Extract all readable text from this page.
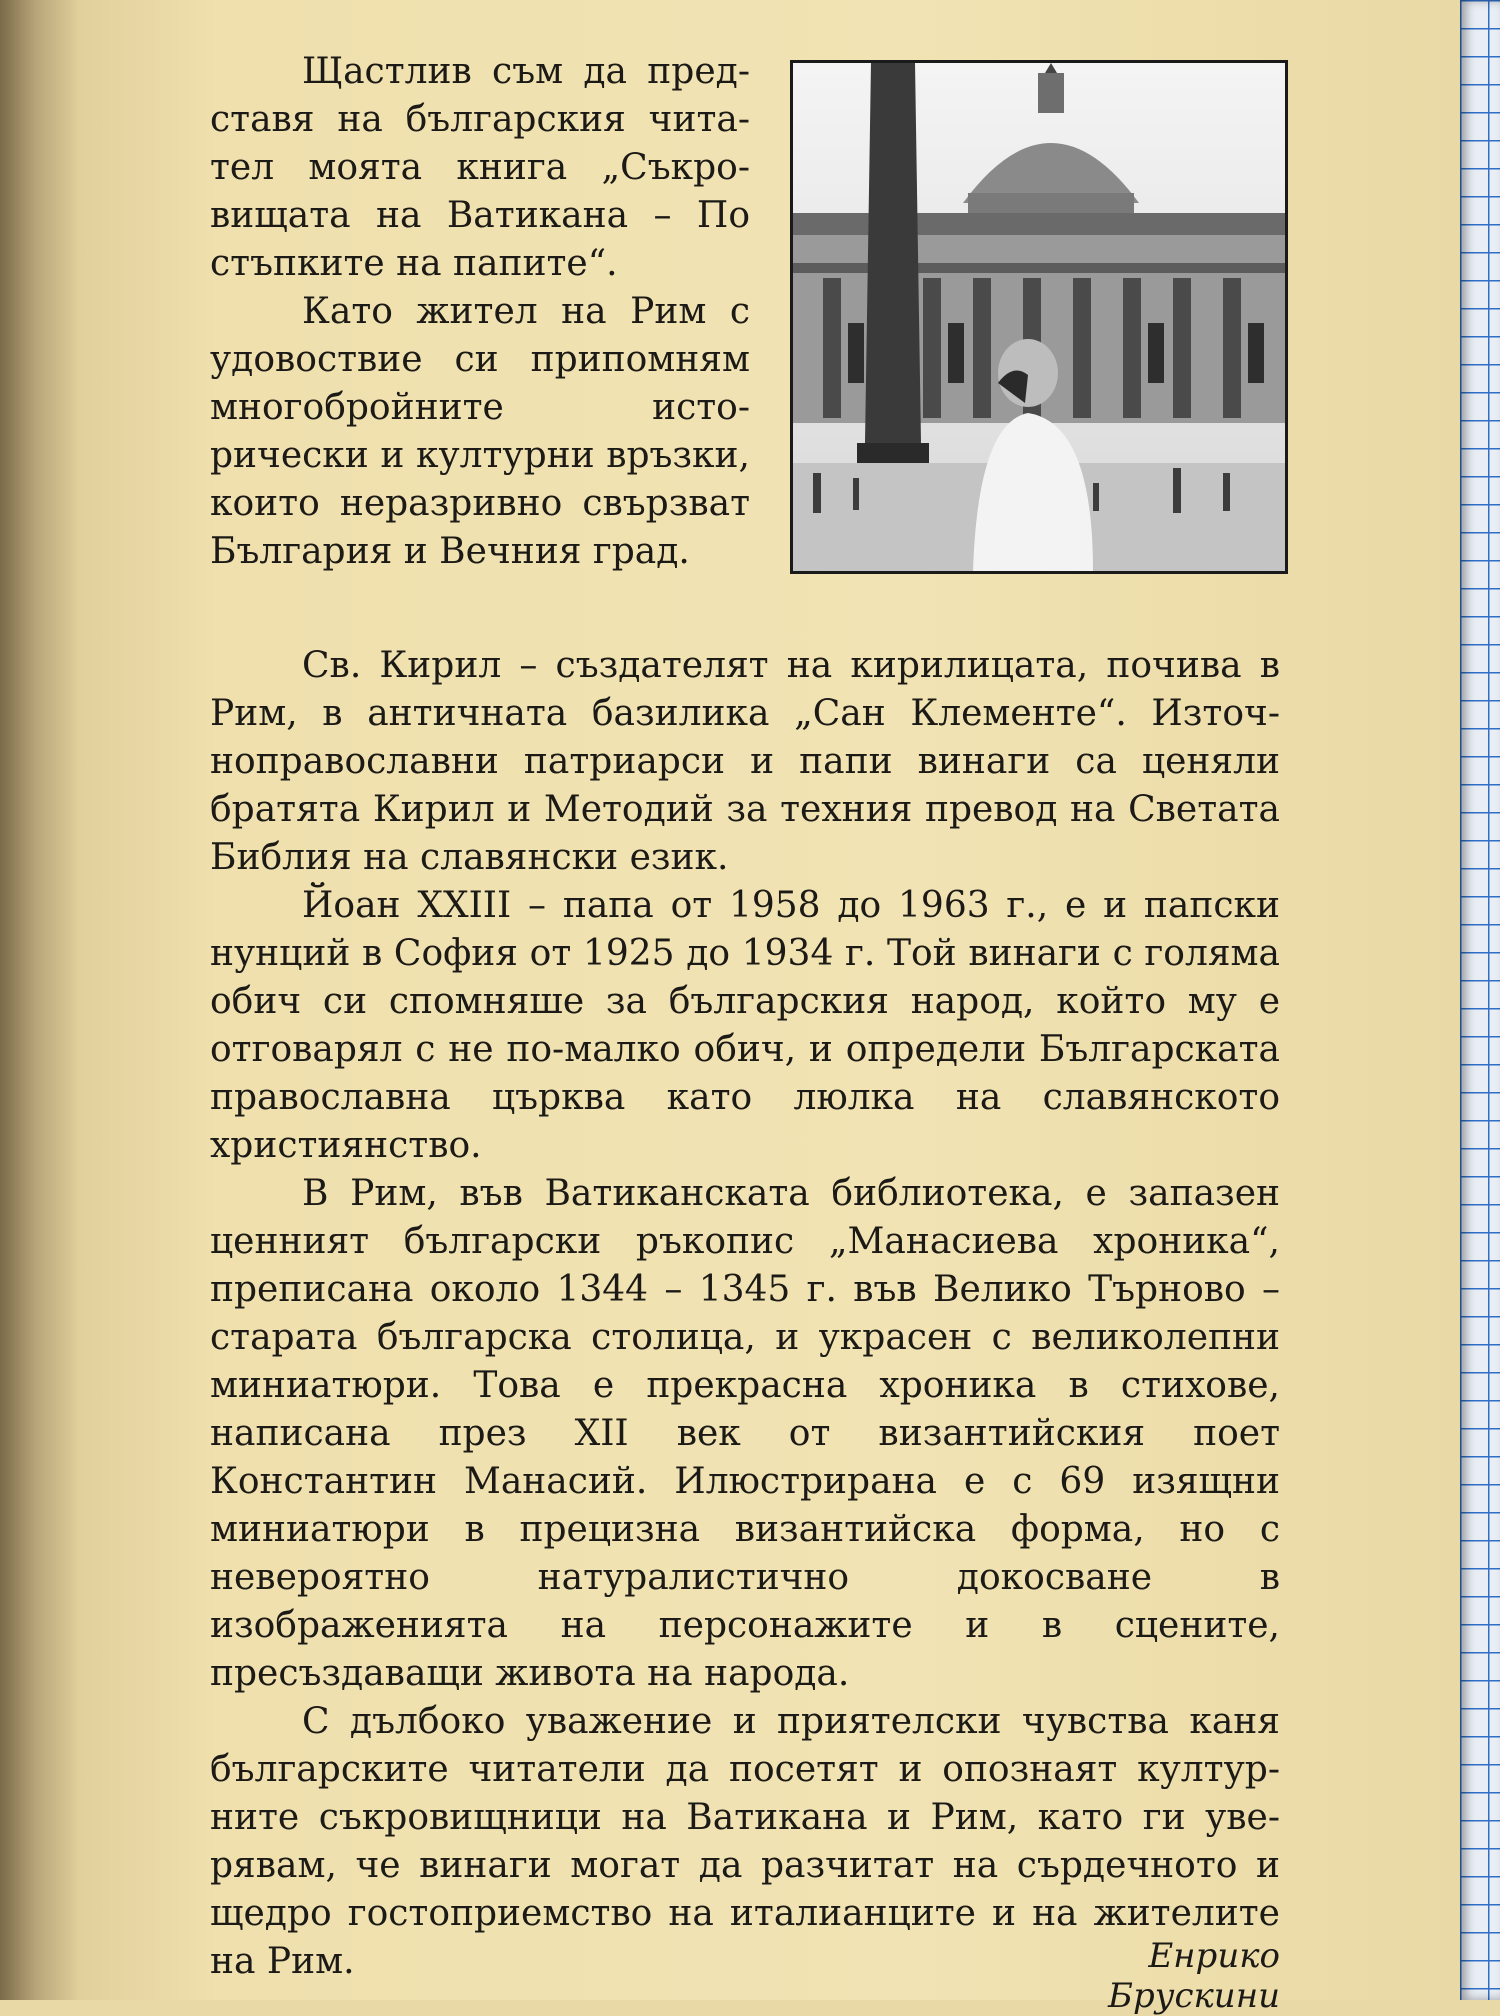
Щастлив съм да представя на българския читател моята книга „Съкровищата на Ватикана – По стъпките на папите“.

Като жител на Рим с удовоствие си припомням многобройните исторически и културни връзки, които неразривно свързват България и Вечния град.

Св. Кирил – създателят на кирилицата, почива в Рим, в античната базилика „Сан Клементе“. Източноправославни патриарси и папи винаги са ценяли братята Кирил и Методий за техния превод на Светата Библия на славянски език.

Йоан XXIII – папа от 1958 до 1963 г., е и папски нунций в София от 1925 до 1934 г. Той винаги с голяма обич си спомняше за българския народ, който му е отговарял с не по-малко обич, и определи Българската православна църква като люлка на славянското християнство.

В Рим, във Ватиканската библиотека, е запазен ценният български ръкопис „Манасиева хроника“, преписана около 1344 – 1345 г. във Велико Търново – старата българска столица, и украсен с великолепни миниатюри. Това е прекрасна хроника в стихове, написана през XII век от византийския поет Константин Манасий. Илюстрирана е с 69 изящни миниатюри в прецизна византийска форма, но с невероятно натуралистично докосване в изображенията на персонажите и в сцените, пресъздаващи живота на народа.

С дълбоко уважение и приятелски чувства каня българските читатели да посетят и опознаят културните съкровищници на Ватикана и Рим, като ги уверявам, че винаги могат да разчитат на сърдечното и щедро гостоприемство на италианците и на жителите на Рим.	Енрико Брускини
